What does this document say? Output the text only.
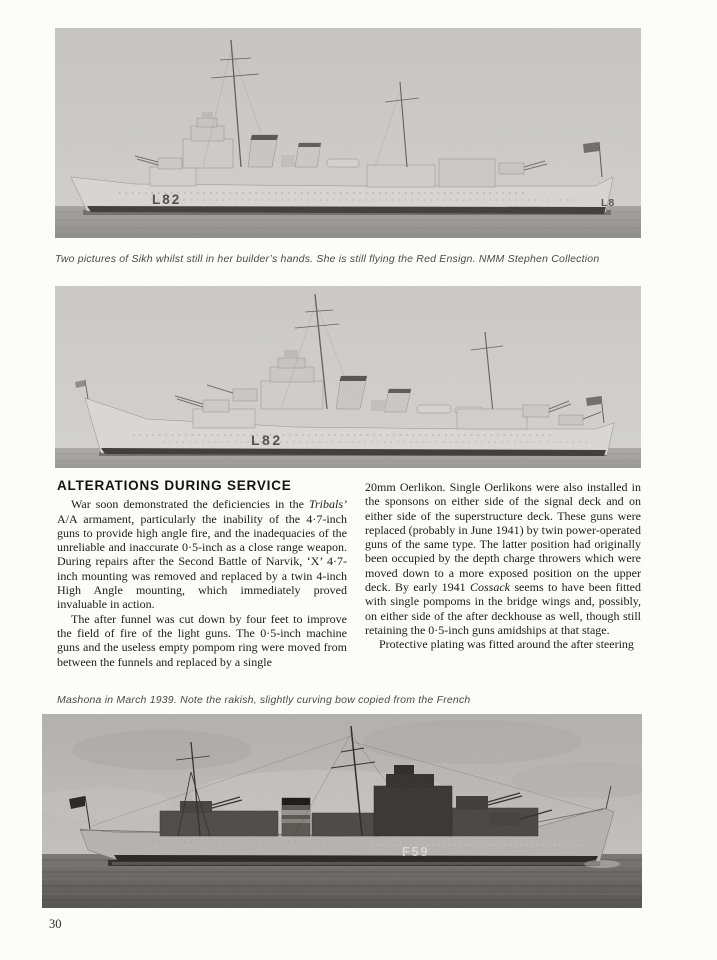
Two pictures of Sikh whilst still in her builder’s hands. She is still flying the Red Ensign. NMM Stephen Collection
ALTERATIONS DURING SERVICE

War soon demonstrated the deficiencies in the Tribals’ A/A armament, particularly the inability of the 4·7-inch guns to provide high angle fire, and the inadequacies of the unreliable and inaccurate 0·5-inch as a close range weapon. During repairs after the Second Battle of Narvik, ‘X’ 4·7-inch mounting was removed and replaced by a twin 4-inch High Angle mounting, which immediately proved invaluable in action.

The after funnel was cut down by four feet to improve the field of fire of the light guns. The 0·5-inch machine guns and the useless empty pompom ring were moved from between the funnels and replaced by a single

20mm Oerlikon. Single Oerlikons were also installed in the sponsons on either side of the signal deck and on either side of the superstructure deck. These guns were replaced (probably in June 1941) by twin power-operated guns of the same type. The latter position had originally been occupied by the depth charge throwers which were moved down to a more exposed position on the upper deck. By early 1941 Cossack seems to have been fitted with single pompoms in the bridge wings and, possibly, on either side of the after deckhouse as well, though still retaining the 0·5-inch guns amidships at that stage.

Protective plating was fitted around the after steering

Mashona in March 1939. Note the rakish, slightly curving bow copied from the French
30
